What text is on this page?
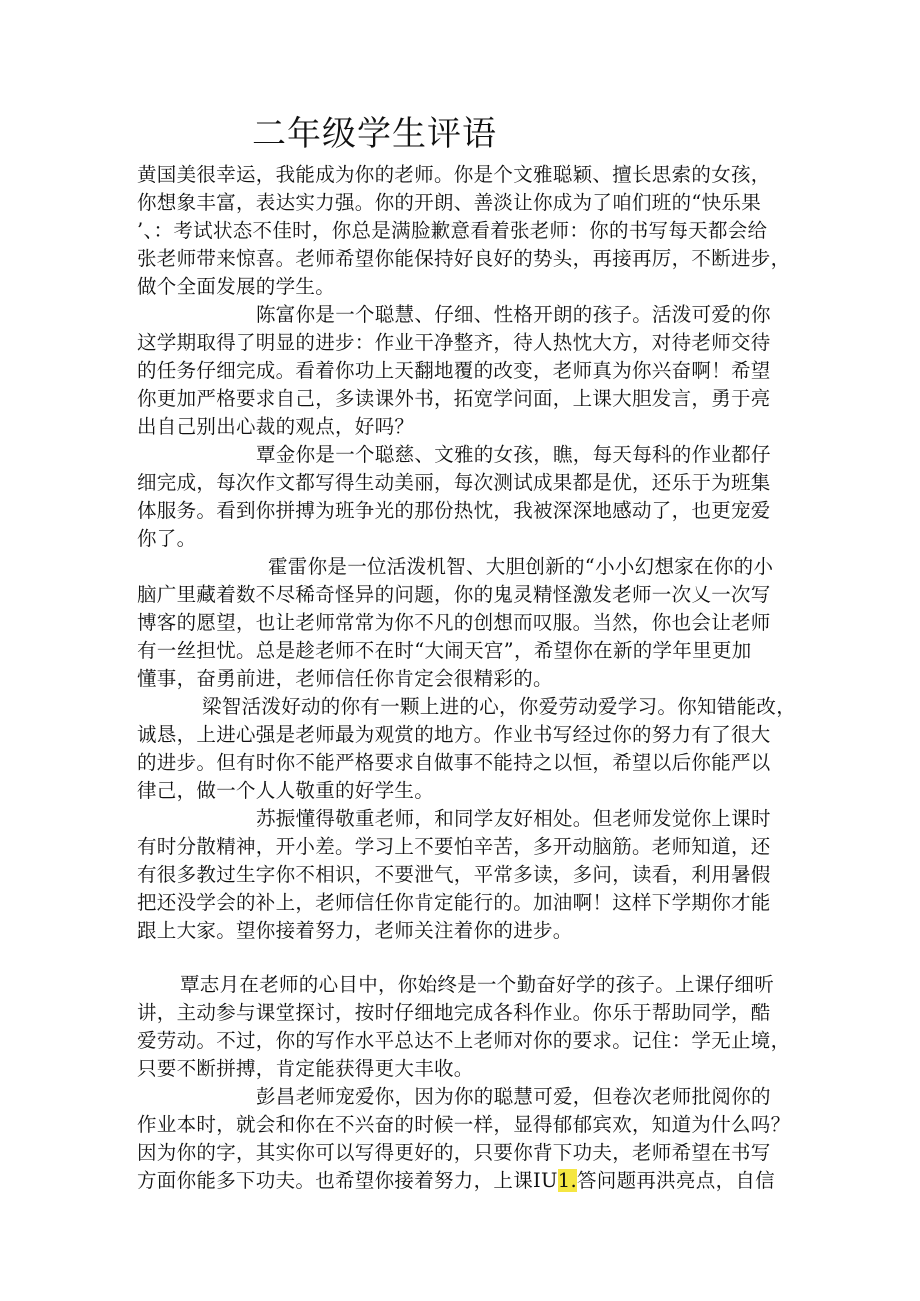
二年级学生评语

黄国美很幸运，我能成为你的老师。你是个文雅聪颖、擅长思索的女孩，

你想象丰富，表达实力强。你的开朗、善淡让你成为了咱们班的“快乐果

’、：考试状态不佳时，你总是满脸歉意看着张老师：你的书写每天都会给

张老师带来惊喜。老师希望你能保持好良好的势头，再接再厉，不断进步，

做个全面发展的学生。

陈富你是一个聪慧、仔细、性格开朗的孩子。活泼可爱的你

这学期取得了明显的进步：作业干净整齐，待人热忱大方，对待老师交待

的任务仔细完成。看着你功上天翻地覆的改变，老师真为你兴奋啊！希望

你更加严格要求自己，多读课外书，拓宽学问面，上课大胆发言，勇于亮

出自己别出心裁的观点，好吗？

覃金你是一个聪慈、文雅的女孩，瞧，每天每科的作业都仔

细完成，每次作文都写得生动美丽，每次测试成果都是优，还乐于为班集

体服务。看到你拼搏为班争光的那份热忱，我被深深地感动了，也更宠爱

你了。

霍雷你是一位活泼机智、大胆创新的“小小幻想家在你的小

脑广里藏着数不尽稀奇怪异的问题，你的鬼灵精怪激发老师一次乂一次写

博客的愿望，也让老师常常为你不凡的创想而叹服。当然，你也会让老师

有一丝担忧。总是趁老师不在时“大闹天宫”，希望你在新的学年里更加

懂事，奋勇前进，老师信任你肯定会很精彩的。

梁智活泼好动的你有一颗上进的心，你爱劳动爱学习。你知错能改，

诚恳，上进心强是老师最为观赏的地方。作业书写经过你的努力有了很大

的进步。但有时你不能严格要求自做事不能持之以恒，希望以后你能严以

律己，做一个人人敬重的好学生。

苏振懂得敬重老师，和同学友好相处。但老师发觉你上课时

有时分散精神，开小差。学习上不要怕辛苦，多开动脑筋。老师知道，还

有很多教过生字你不相识，不要泄气，平常多读，多问，读看，利用暑假

把还没学会的补上，老师信任你肯定能行的。加油啊！这样下学期你才能

跟上大家。望你接着努力，老师关注着你的进步。

覃志月在老师的心目中，你始终是一个勤奋好学的孩子。上课仔细听

讲，主动参与课堂探讨，按时仔细地完成各科作业。你乐于帮助同学，酷

爱劳动。不过，你的写作水平总达不上老师对你的要求。记住：学无止境，

只要不断拼搏，肯定能获得更大丰收。

彭昌老师宠爱你，因为你的聪慧可爱，但卷次老师批阅你的

作业本时，就会和你在不兴奋的时候一样，显得郁郁宾欢，知道为什么吗？

因为你的字，其实你可以写得更好的，只要你背下功夫，老师希望在书写

方面你能多下功夫。也希望你接着努力，上课IU1.答问题再洪亮点，自信
